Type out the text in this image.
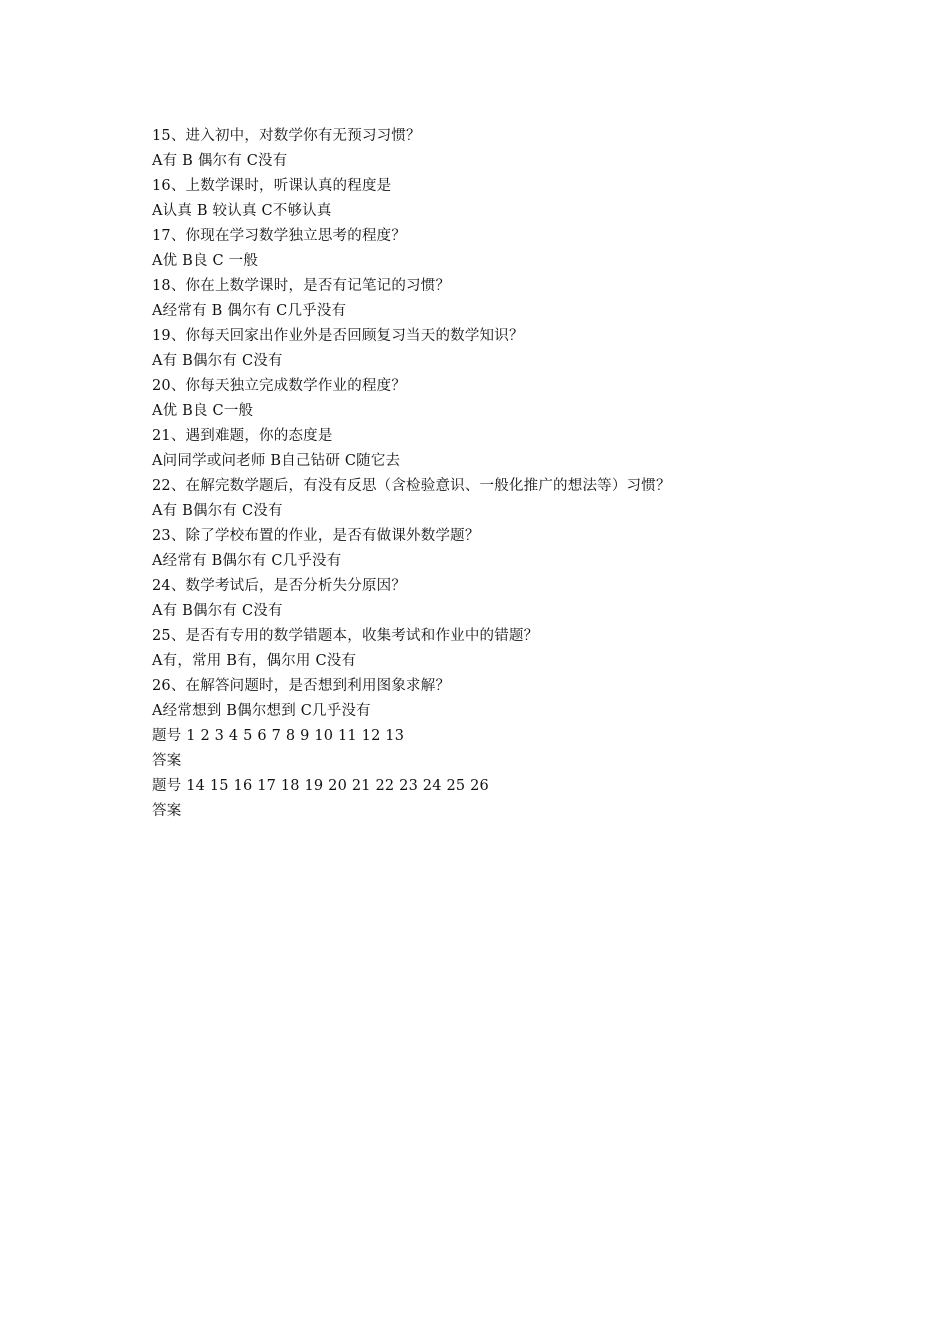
15、进入初中，对数学你有无预习习惯？
A有 B 偶尔有 C没有
16、上数学课时，听课认真的程度是
A认真 B 较认真 C不够认真
17、你现在学习数学独立思考的程度？
A优 B良 C 一般
18、你在上数学课时，是否有记笔记的习惯？
A经常有 B 偶尔有 C几乎没有
19、你每天回家出作业外是否回顾复习当天的数学知识？
A有 B偶尔有 C没有
20、你每天独立完成数学作业的程度？
A优 B良 C一般
21、遇到难题，你的态度是
A问同学或问老师 B自己钻研 C随它去
22、在解完数学题后，有没有反思（含检验意识、一般化推广的想法等）习惯？
A有 B偶尔有 C没有
23、除了学校布置的作业，是否有做课外数学题？
A经常有 B偶尔有 C几乎没有
24、数学考试后，是否分析失分原因？
A有 B偶尔有 C没有
25、是否有专用的数学错题本，收集考试和作业中的错题？
A有，常用 B有，偶尔用 C没有
26、在解答问题时，是否想到利用图象求解？
A经常想到 B偶尔想到 C几乎没有
题号 1 2 3 4 5 6 7 8 9 10 11 12 13
答案
题号 14 15 16 17 18 19 20 21 22 23 24 25 26
答案
